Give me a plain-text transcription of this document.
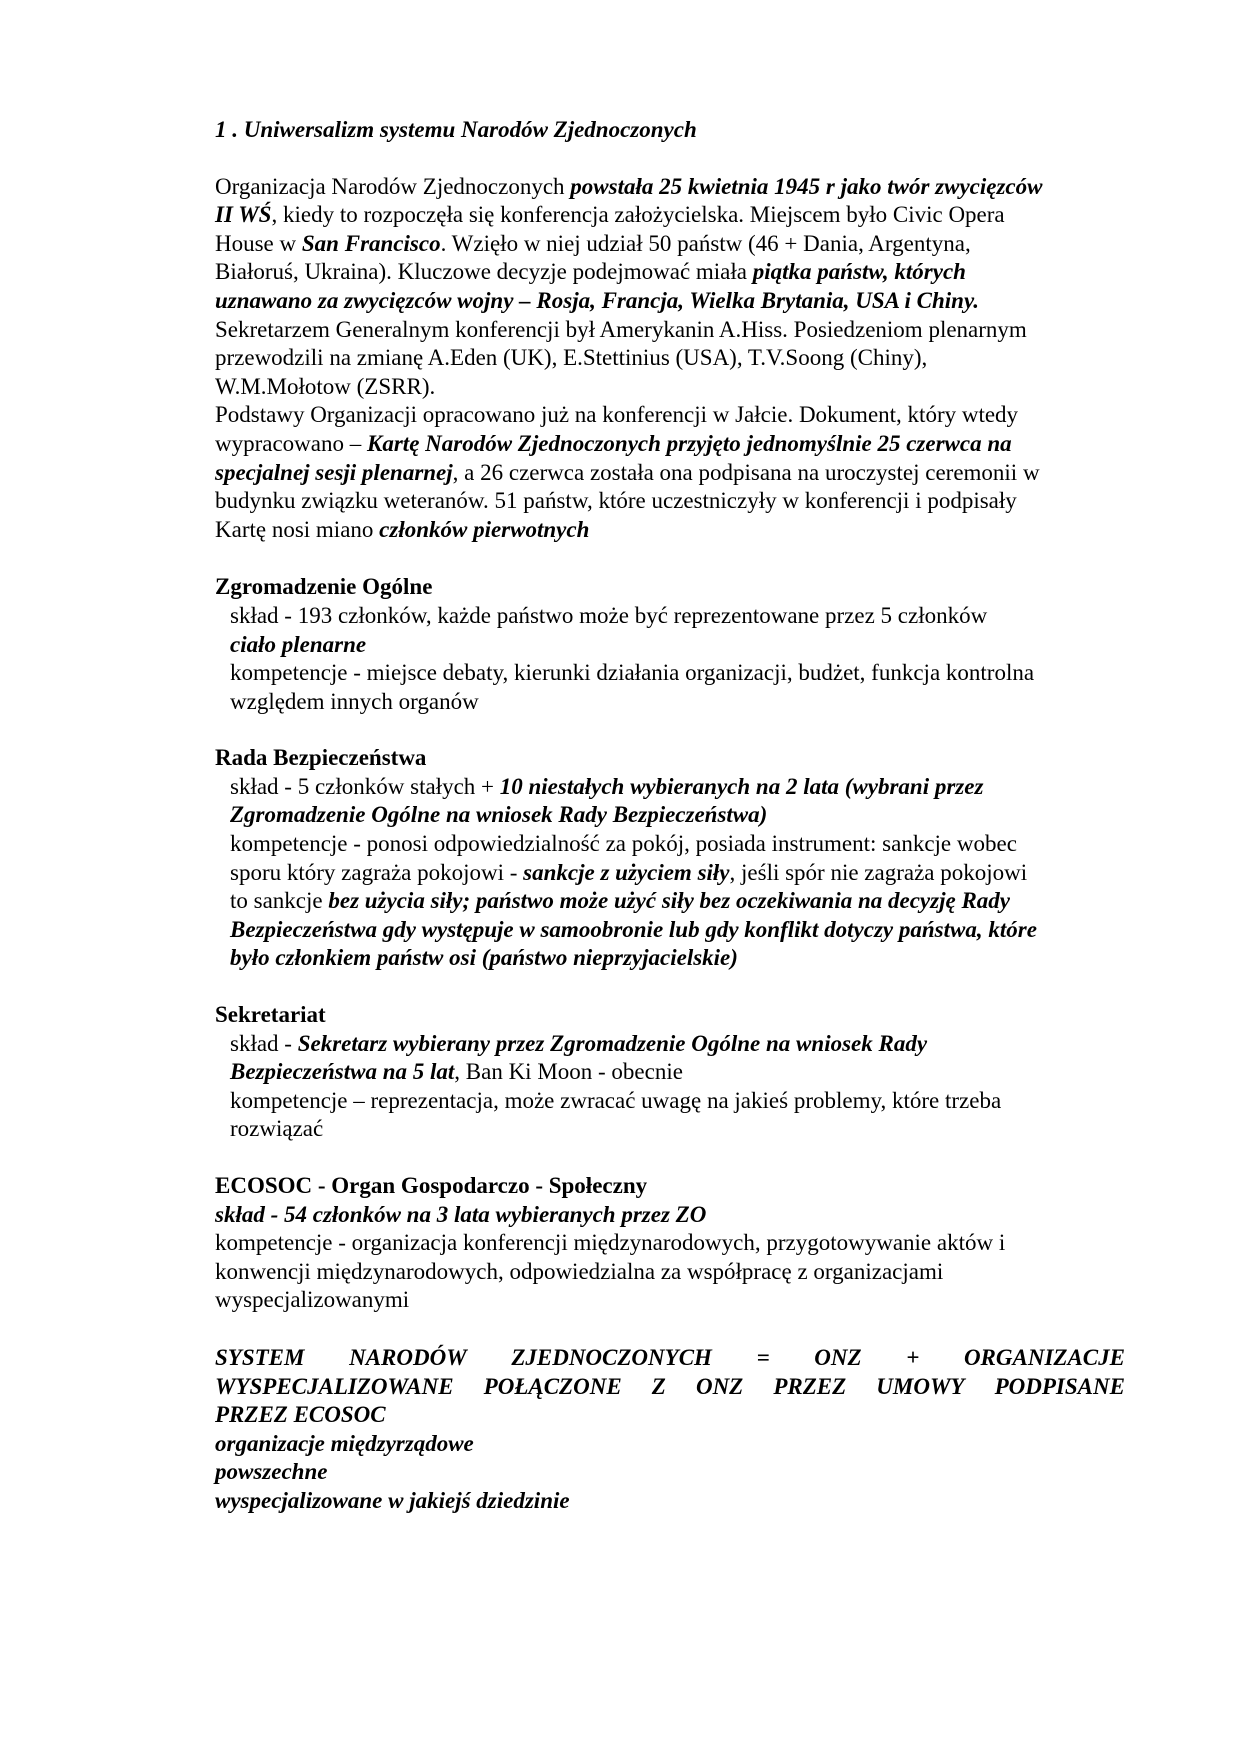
1 . Uniwersalizm systemu Narodów Zjednoczonych
Organizacja Narodów Zjednoczonych powstała 25 kwietnia 1945 r jako twór zwycięzców
II WŚ, kiedy to rozpoczęła się konferencja założycielska. Miejscem było Civic Opera
House w San Francisco. Wzięło w niej udział 50 państw (46 + Dania, Argentyna,
Białoruś, Ukraina). Kluczowe decyzje podejmować miała piątka państw, których
uznawano za zwycięzców wojny – Rosja, Francja, Wielka Brytania, USA i Chiny.
Sekretarzem Generalnym konferencji był Amerykanin A.Hiss. Posiedzeniom plenarnym
przewodzili na zmianę A.Eden (UK), E.Stettinius (USA), T.V.Soong (Chiny),
W.M.Mołotow (ZSRR).
Podstawy Organizacji opracowano już na konferencji w Jałcie. Dokument, który wtedy
wypracowano – Kartę Narodów Zjednoczonych przyjęto jednomyślnie 25 czerwca na
specjalnej sesji plenarnej, a 26 czerwca została ona podpisana na uroczystej ceremonii w
budynku związku weteranów. 51 państw, które uczestniczyły w konferencji i podpisały
Kartę nosi miano członków pierwotnych
Zgromadzenie Ogólne
skład - 193 członków, każde państwo może być reprezentowane przez 5 członków
ciało plenarne
kompetencje - miejsce debaty, kierunki działania organizacji, budżet, funkcja kontrolna
względem innych organów
Rada Bezpieczeństwa
skład - 5 członków stałych + 10 niestałych wybieranych na 2 lata (wybrani przez
Zgromadzenie Ogólne na wniosek Rady Bezpieczeństwa)
kompetencje - ponosi odpowiedzialność za pokój, posiada instrument: sankcje wobec
sporu który zagraża pokojowi - sankcje z użyciem siły, jeśli spór nie zagraża pokojowi
to sankcje bez użycia siły; państwo może użyć siły bez oczekiwania na decyzję Rady
Bezpieczeństwa gdy występuje w samoobronie lub gdy konflikt dotyczy państwa, które
było członkiem państw osi (państwo nieprzyjacielskie)
Sekretariat
skład - Sekretarz wybierany przez Zgromadzenie Ogólne na wniosek Rady
Bezpieczeństwa na 5 lat, Ban Ki Moon - obecnie
kompetencje – reprezentacja, może zwracać uwagę na jakieś problemy, które trzeba
rozwiązać
ECOSOC - Organ Gospodarczo - Społeczny
skład - 54 członków na 3 lata wybieranych przez ZO
kompetencje - organizacja konferencji międzynarodowych, przygotowywanie aktów i
konwencji międzynarodowych, odpowiedzialna za współpracę z organizacjami
wyspecjalizowanymi
SYSTEM NARODÓW ZJEDNOCZONYCH = ONZ + ORGANIZACJE
WYSPECJALIZOWANE POŁĄCZONE Z ONZ PRZEZ UMOWY PODPISANE
PRZEZ ECOSOC
organizacje międzyrządowe
powszechne
wyspecjalizowane w jakiejś dziedzinie
